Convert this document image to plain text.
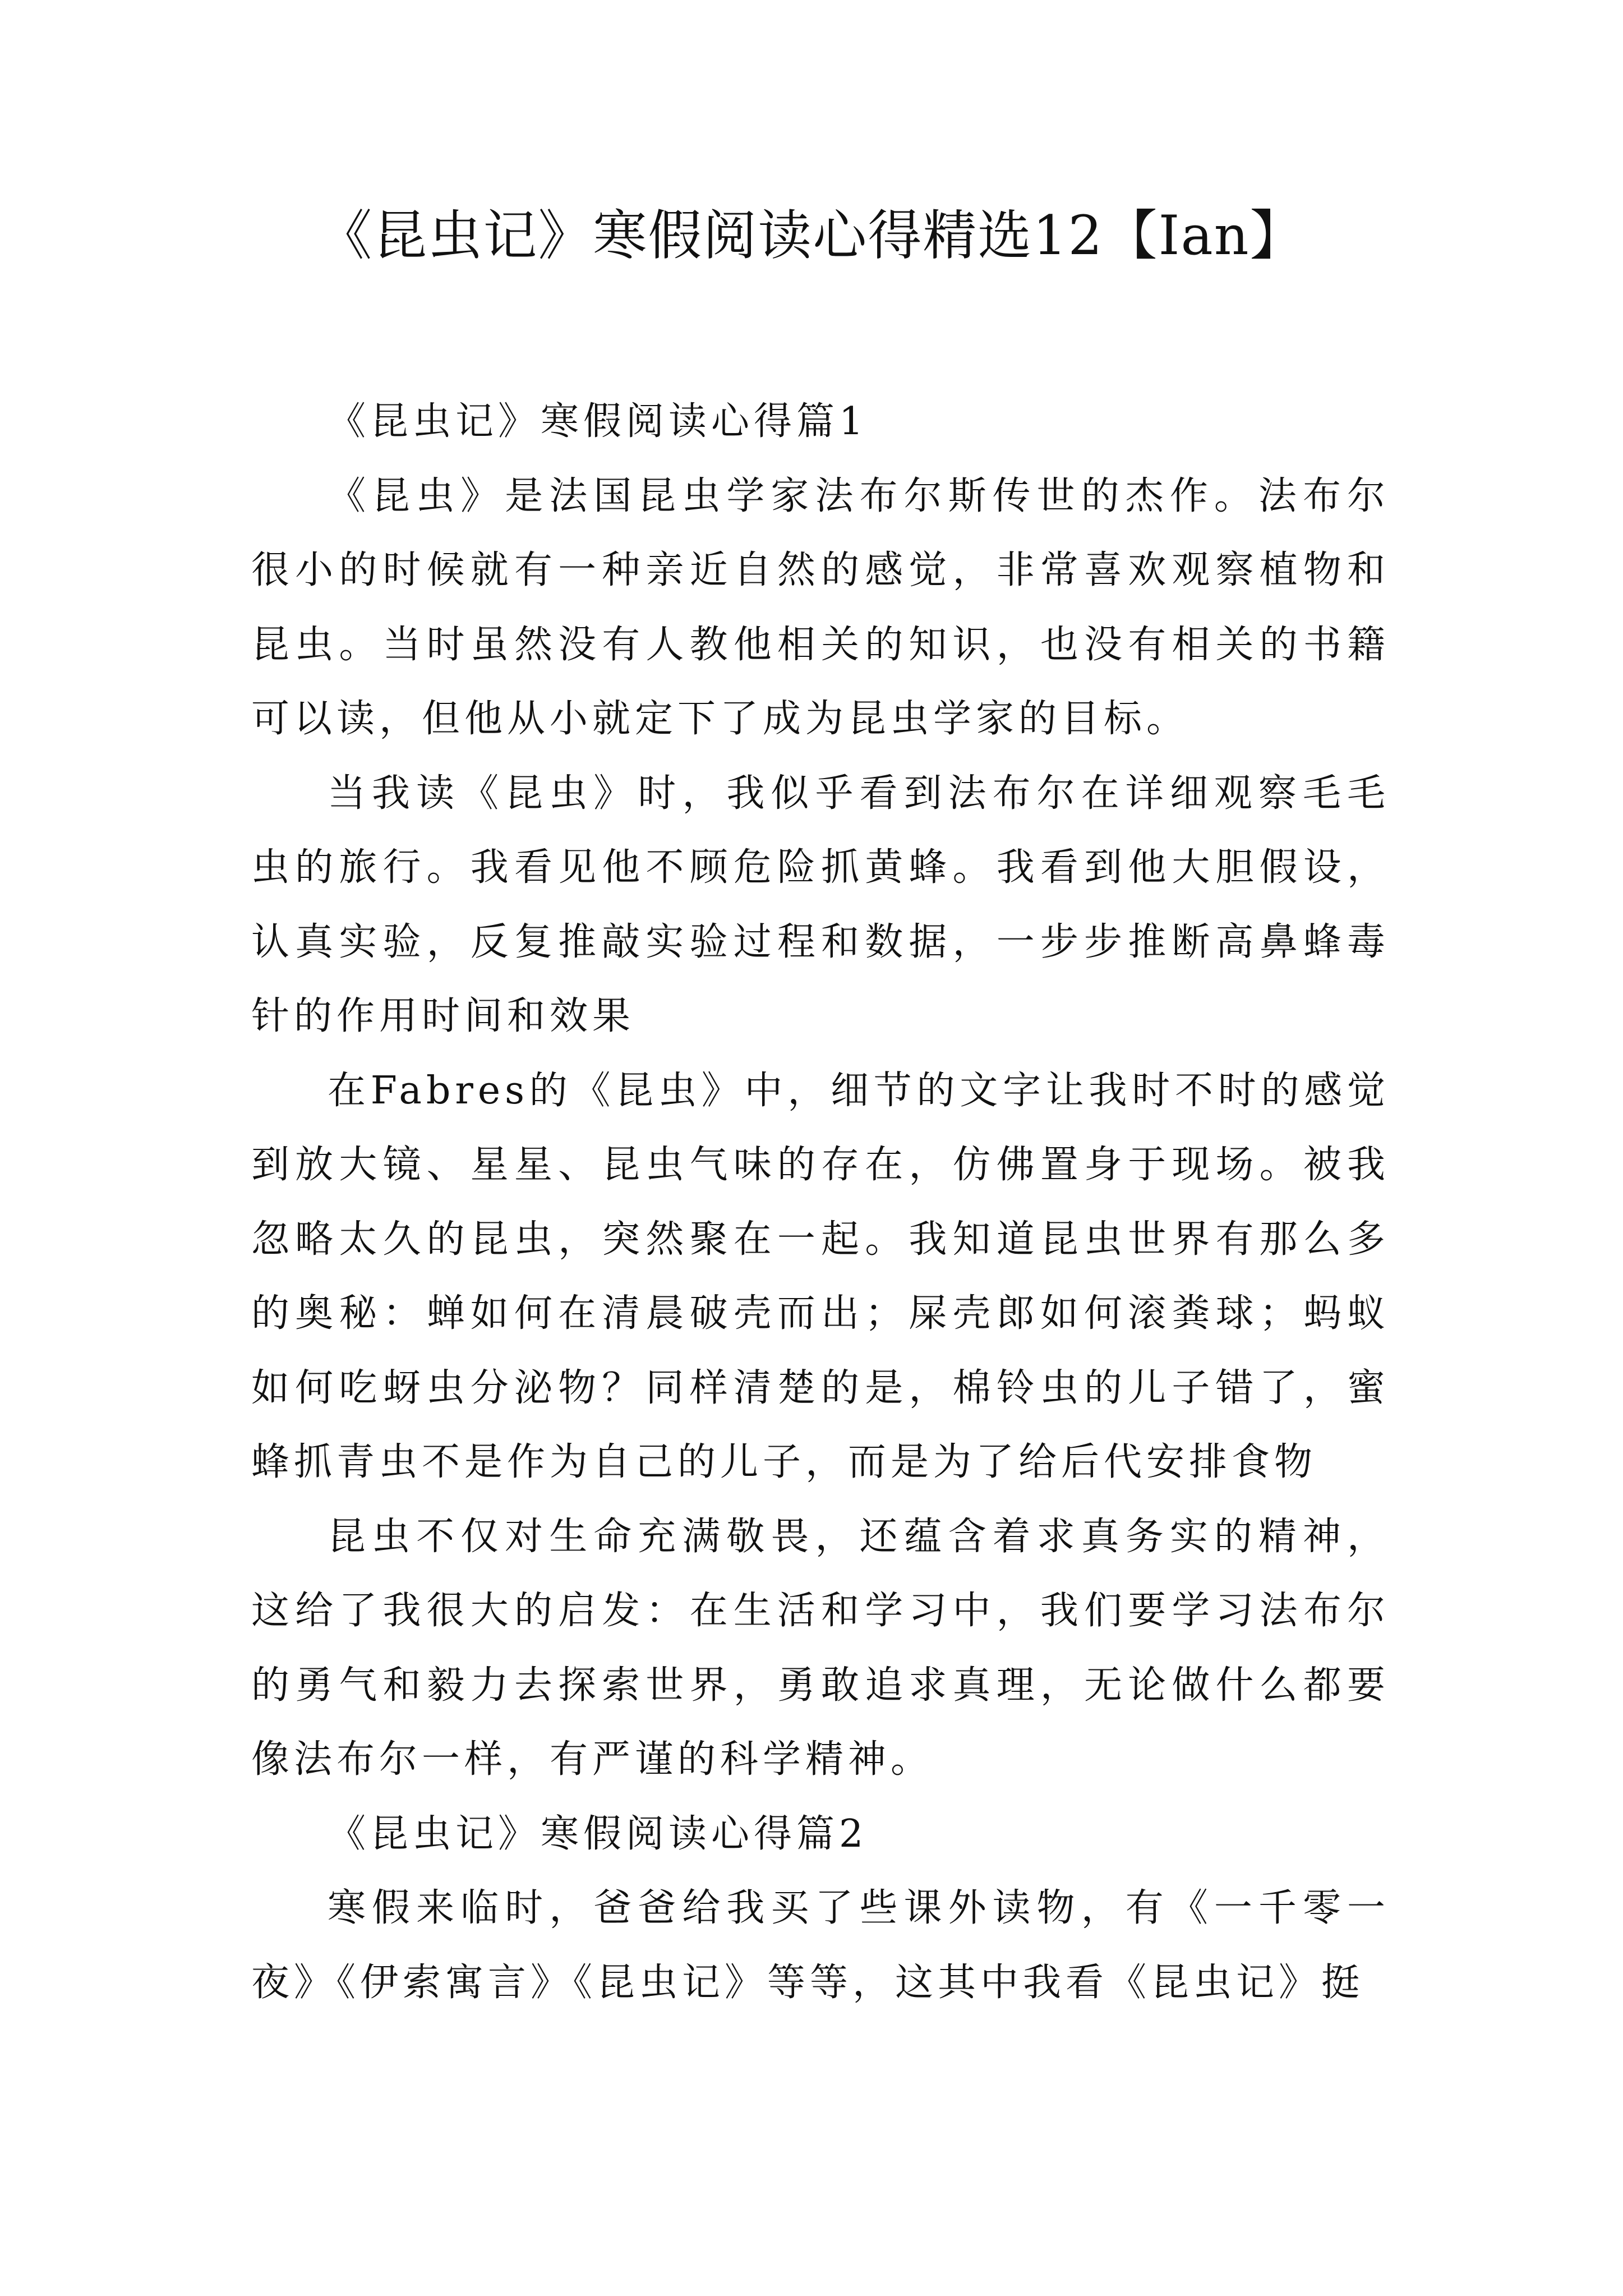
《昆虫记》寒假阅读心得精选12【Ian】

《昆虫记》寒假阅读心得篇1

《昆虫》是法国昆虫学家法布尔斯传世的杰作。法布尔很小的时候就有一种亲近自然的感觉，非常喜欢观察植物和昆虫。当时虽然没有人教他相关的知识，也没有相关的书籍可以读，但他从小就定下了成为昆虫学家的目标。

当我读《昆虫》时，我似乎看到法布尔在详细观察毛毛虫的旅行。我看见他不顾危险抓黄蜂。我看到他大胆假设，认真实验，反复推敲实验过程和数据，一步步推断高鼻蜂毒针的作用时间和效果

在Fabres的《昆虫》中，细节的文字让我时不时的感觉到放大镜、星星、昆虫气味的存在，仿佛置身于现场。被我忽略太久的昆虫，突然聚在一起。我知道昆虫世界有那么多的奥秘：蝉如何在清晨破壳而出；屎壳郎如何滚粪球；蚂蚁如何吃蚜虫分泌物？同样清楚的是，棉铃虫的儿子错了，蜜蜂抓青虫不是作为自己的儿子，而是为了给后代安排食物

昆虫不仅对生命充满敬畏，还蕴含着求真务实的精神，这给了我很大的启发：在生活和学习中，我们要学习法布尔的勇气和毅力去探索世界，勇敢追求真理，无论做什么都要像法布尔一样，有严谨的科学精神。

《昆虫记》寒假阅读心得篇2

寒假来临时，爸爸给我买了些课外读物，有《一千零一夜》《伊索寓言》《昆虫记》等等，这其中我看《昆虫记》挺
